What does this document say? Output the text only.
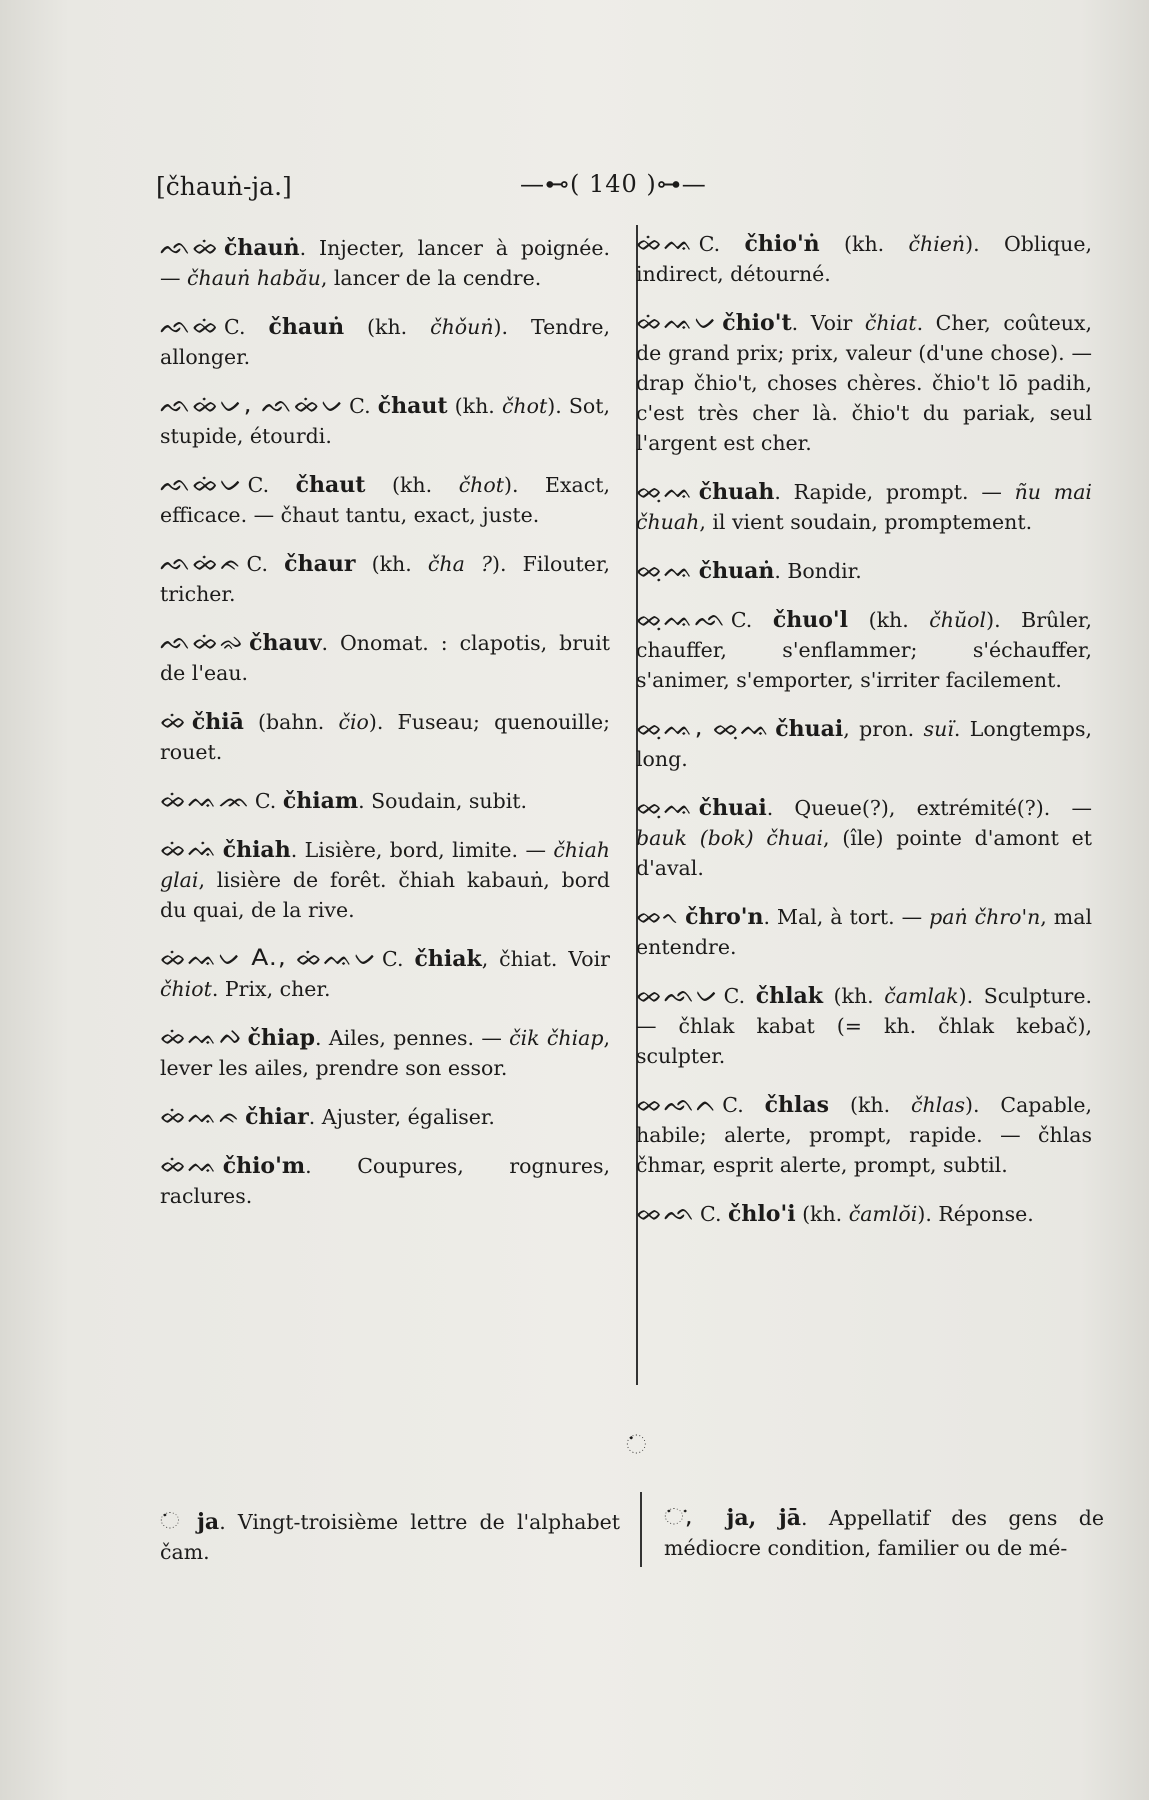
[čhauṅ-ja.]	—⊷( 140 )⊶—
ᨒᨖᨗ čhauṅ. Injecter, lancer à poignée. — čhauṅ habău, lancer de la cendre.
ᨒᨖᨗ C. čhauṅ (kh. čhǒuṅ). Tendre, allonger.
ᨒᨖᨗᨆ, ᨒᨖᨗᨆ C. čhaut (kh. čhot). Sot, stupide, étourdi.
ᨒᨖᨗᨆ C. čhaut (kh. čhot). Exact, efficace. — čhaut tantu, exact, juste.
ᨒᨖᨗᨃ C. čhaur (kh. čha ?). Filouter, tricher.
ᨒᨖᨗᨋ čhauv. Onomat. : clapotis, bruit de l'eau.
ᨖᨗ čhiā (bahn. čio). Fuseau; quenouille; rouet.
ᨖᨗᨕᨏ C. čhiam. Soudain, subit.
ᨖᨗᨕᨗ čhiah. Lisière, bord, limite. — čhiah glai, lisière de forêt. čhiah kabauṅ, bord du quai, de la rive.
ᨖᨗᨕᨆ A., ᨖᨗᨕᨆ C. čhiak, čhiat. Voir čhiot. Prix, cher.
ᨖᨗᨕᨄ čhiap. Ailes, pennes. — čik čhiap, lever les ailes, prendre son essor.
ᨖᨗᨕᨃ čhiar. Ajuster, égaliser.
ᨖᨗᨕ čhio'm. Coupures, rognures, raclures.
ᨖᨗᨕ C. čhio'ṅ (kh. čhieṅ). Oblique, indirect, détourné.
ᨖᨗᨕᨆ čhio't. Voir čhiat. Cher, coûteux, de grand prix; prix, valeur (d'une chose). — drap čhio't, choses chères. čhio't lō padih, c'est très cher là. čhio't du pariak, seul l'argent est cher.
ᨖᨘᨕ čhuah. Rapide, prompt. — ñu mai čhuah, il vient soudain, promptement.
ᨖᨘᨕ čhuaṅ. Bondir.
ᨖᨘᨕᨒ C. čhuo'l (kh. čhŭol). Brûler, chauffer, s'enflammer; s'échauffer, s'animer, s'emporter, s'irriter facilement.
ᨖᨘᨕ, ᨖᨘᨕ čhuai, pron. suï. Longtemps, long.
ᨖᨘᨕ čhuai. Queue(?), extrémité(?). — bauk (bok) čhuai, (île) pointe d'amont et d'aval.
ᨖᨚ čhro'n. Mal, à tort. — paṅ čhro'n, mal entendre.
ᨖᨒᨆ C. čhlak (kh. čamlak). Sculpture. — čhlak kabat (= kh. čhlak kebač), sculpter.
ᨖᨒᨈ C. čhlas (kh. čhlas). Capable, habile; alerte, prompt, rapide. — čhlas čhmar, esprit alerte, prompt, subtil.
ᨖᨒ C. čhlo'i (kh. čamlŏi). Réponse.
ᨗ
ᨗ ja. Vingt-troisième lettre de l'alphabet čam.
ᨗ, ᨗ ja, jā. Appellatif des gens de médiocre condition, familier ou de mé-
